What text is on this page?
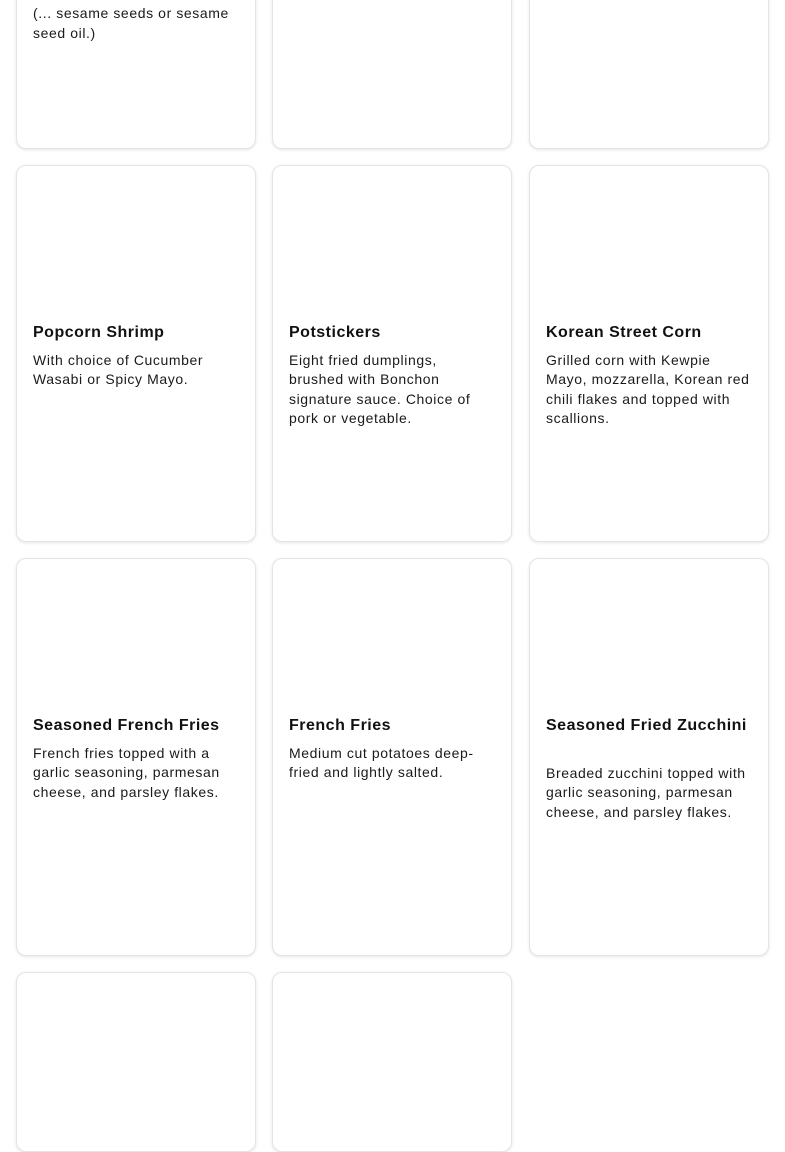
(... sesame seeds or sesame seed oil.)

Popcorn Shrimp

With choice of Cucumber Wasabi or Spicy Mayo.

Potstickers

Eight fried dumplings, brushed with Bonchon signature sauce. Choice of pork or vegetable.

Korean Street Corn

Grilled corn with Kewpie Mayo, mozzarella, Korean red chili flakes and topped with scallions.

Seasoned French Fries

French fries topped with a garlic seasoning, parmesan cheese, and parsley flakes.

French Fries

Medium cut potatoes deep-fried and lightly salted.

Seasoned Fried Zucchini

Breaded zucchini topped with garlic seasoning, parmesan cheese, and parsley flakes.
